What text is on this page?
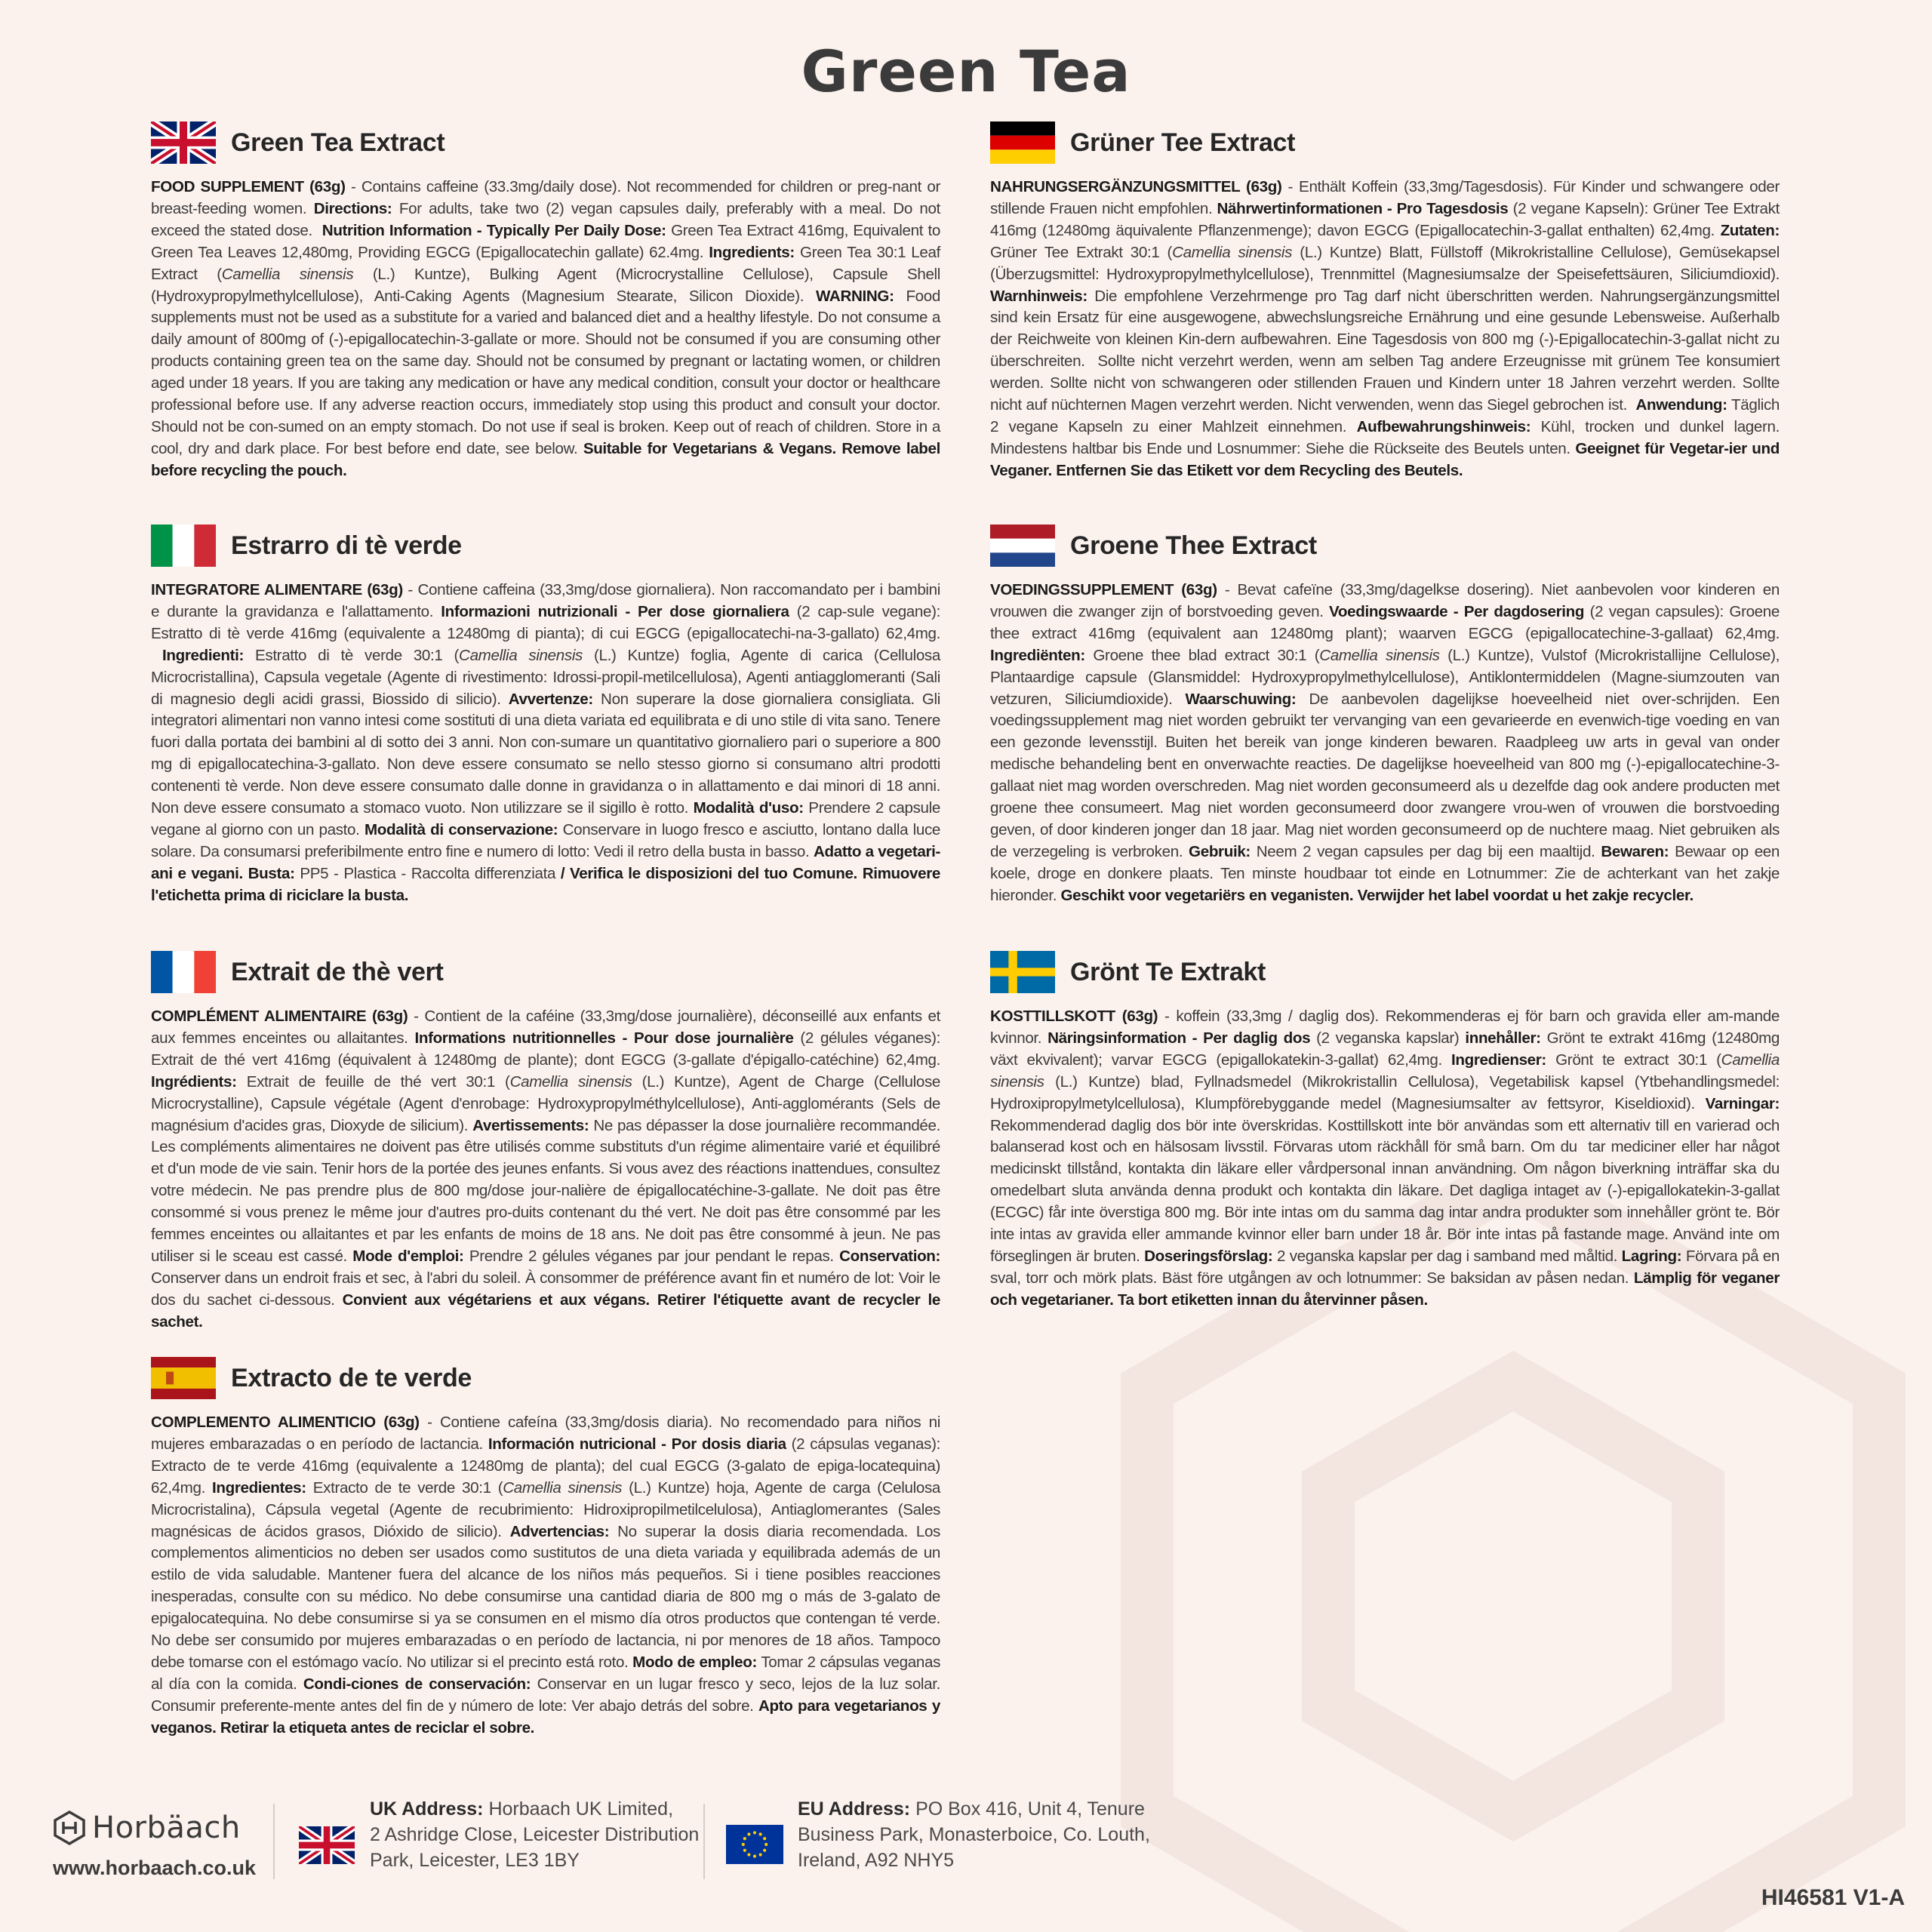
Green Tea
Green Tea Extract

FOOD SUPPLEMENT (63g) - Contains caffeine (33.3mg/daily dose). Not recommended for children or preg-nant or breast-feeding women. Directions: For adults, take two (2) vegan capsules daily, preferably with a meal. Do not exceed the stated dose.  Nutrition Information - Typically Per Daily Dose: Green Tea Extract 416mg, Equivalent to Green Tea Leaves 12,480mg, Providing EGCG (Epigallocatechin gallate) 62.4mg. Ingredients: Green Tea 30:1 Leaf Extract (Camellia sinensis (L.) Kuntze), Bulking Agent (Microcrystalline Cellulose), Capsule Shell (Hydroxypropylmethylcellulose), Anti-Caking Agents (Magnesium Stearate, Silicon Dioxide). WARNING: Food supplements must not be used as a substitute for a varied and balanced diet and a healthy lifestyle. Do not consume a daily amount of 800mg of (-)-epigallocatechin-3-gallate or more. Should not be consumed if you are consuming other products containing green tea on the same day. Should not be consumed by pregnant or lactating women, or children aged under 18 years. If you are taking any medication or have any medical condition, consult your doctor or healthcare professional before use. If any adverse reaction occurs, immediately stop using this product and consult your doctor. Should not be con-sumed on an empty stomach. Do not use if seal is broken. Keep out of reach of children. Store in a cool, dry and dark place. For best before end date, see below. Suitable for Vegetarians & Vegans. Remove label before recycling the pouch.

Grüner Tee Extract

NAHRUNGSERGÄNZUNGSMITTEL (63g) - Enthält Koffein (33,3mg/Tagesdosis). Für Kinder und schwangere oder stillende Frauen nicht empfohlen. Nährwertinformationen - Pro Tagesdosis (2 vegane Kapseln): Grüner Tee Extrakt 416mg (12480mg äquivalente Pflanzenmenge); davon EGCG (Epigallocatechin-3-gallat enthalten) 62,4mg. Zutaten: Grüner Tee Extrakt 30:1 (Camellia sinensis (L.) Kuntze) Blatt, Füllstoff (Mikrokristalline Cellulose), Gemüsekapsel (Überzugsmittel: Hydroxypropylmethylcellulose), Trennmittel (Magnesiumsalze der Speisefettsäuren, Siliciumdioxid). Warnhinweis: Die empfohlene Verzehrmenge pro Tag darf nicht überschritten werden. Nahrungsergänzungsmittel sind kein Ersatz für eine ausgewogene, abwechslungsreiche Ernährung und eine gesunde Lebensweise. Außerhalb der Reichweite von kleinen Kin-dern aufbewahren. Eine Tagesdosis von 800 mg (-)-Epigallocatechin-3-gallat nicht zu überschreiten.  Sollte nicht verzehrt werden, wenn am selben Tag andere Erzeugnisse mit grünem Tee konsumiert werden. Sollte nicht von schwangeren oder stillenden Frauen und Kindern unter 18 Jahren verzehrt werden. Sollte nicht auf nüchternen Magen verzehrt werden. Nicht verwenden, wenn das Siegel gebrochen ist.  Anwendung: Täglich 2 vegane Kapseln zu einer Mahlzeit einnehmen. Aufbewahrungshinweis: Kühl, trocken und dunkel lagern. Mindestens haltbar bis Ende und Losnummer: Siehe die Rückseite des Beutels unten. Geeignet für Vegetar-ier und Veganer. Entfernen Sie das Etikett vor dem Recycling des Beutels.

Estrarro di tè verde

INTEGRATORE ALIMENTARE (63g) - Contiene caffeina (33,3mg/dose giornaliera). Non raccomandato per i bambini e durante la gravidanza e l'allattamento. Informazioni nutrizionali - Per dose giornaliera (2 cap-sule vegane): Estratto di tè verde 416mg (equivalente a 12480mg di pianta); di cui EGCG (epigallocatechi-na-3-gallato) 62,4mg.  Ingredienti: Estratto di tè verde 30:1 (Camellia sinensis (L.) Kuntze) foglia, Agente di carica (Cellulosa Microcristallina), Capsula vegetale (Agente di rivestimento: Idrossi-propil-metilcellulosa), Agenti antiagglomeranti (Sali di magnesio degli acidi grassi, Biossido di silicio). Avvertenze: Non superare la dose giornaliera consigliata. Gli integratori alimentari non vanno intesi come sostituti di una dieta variata ed equilibrata e di uno stile di vita sano. Tenere fuori dalla portata dei bambini al di sotto dei 3 anni. Non con-sumare un quantitativo giornaliero pari o superiore a 800 mg di epigallocatechina-3-gallato. Non deve essere consumato se nello stesso giorno si consumano altri prodotti contenenti tè verde. Non deve essere consumato dalle donne in gravidanza o in allattamento e dai minori di 18 anni. Non deve essere consumato a stomaco vuoto. Non utilizzare se il sigillo è rotto. Modalità d'uso: Prendere 2 capsule vegane al giorno con un pasto. Modalità di conservazione: Conservare in luogo fresco e asciutto, lontano dalla luce solare. Da consumarsi preferibilmente entro fine e numero di lotto: Vedi il retro della busta in basso. Adatto a vegetari-ani e vegani. Busta: PP5 - Plastica - Raccolta differenziata / Verifica le disposizioni del tuo Comune. Rimuovere l'etichetta prima di riciclare la busta.

Groene Thee Extract

VOEDINGSSUPPLEMENT (63g) - Bevat cafeïne (33,3mg/dagelkse dosering). Niet aanbevolen voor kinderen en vrouwen die zwanger zijn of borstvoeding geven. Voedingswaarde - Per dagdosering (2 vegan capsules): Groene thee extract 416mg (equivalent aan 12480mg plant); waarven EGCG (epigallocatechine-3-gallaat) 62,4mg. Ingrediënten: Groene thee blad extract 30:1 (Camellia sinensis (L.) Kuntze), Vulstof (Microkristallijne Cellulose), Plantaardige capsule (Glansmiddel: Hydroxypropylmethylcellulose), Antiklontermiddelen (Magne-siumzouten van vetzuren, Siliciumdioxide). Waarschuwing: De aanbevolen dagelijkse hoeveelheid niet over-schrijden. Een voedingssupplement mag niet worden gebruikt ter vervanging van een gevarieerde en evenwich-tige voeding en van een gezonde levensstijl. Buiten het bereik van jonge kinderen bewaren. Raadpleeg uw arts in geval van onder medische behandeling bent en onverwachte reacties. De dagelijkse hoeveelheid van 800 mg (-)-epigallocatechine-3-gallaat niet mag worden overschreden. Mag niet worden geconsumeerd als u dezelfde dag ook andere producten met groene thee consumeert. Mag niet worden geconsumeerd door zwangere vrou-wen of vrouwen die borstvoeding geven, of door kinderen jonger dan 18 jaar. Mag niet worden geconsumeerd op de nuchtere maag. Niet gebruiken als de verzegeling is verbroken. Gebruik: Neem 2 vegan capsules per dag bij een maaltijd. Bewaren: Bewaar op een koele, droge en donkere plaats. Ten minste houdbaar tot einde en Lotnummer: Zie de achterkant van het zakje hieronder. Geschikt voor vegetariërs en veganisten. Verwijder het label voordat u het zakje recycler.

Extrait de thè vert

COMPLÉMENT ALIMENTAIRE (63g) - Contient de la caféine (33,3mg/dose journalière), déconseillé aux enfants et aux femmes enceintes ou allaitantes. Informations nutritionnelles - Pour dose journalière (2 gélules véganes): Extrait de thé vert 416mg (équivalent à 12480mg de plante); dont EGCG (3-gallate d'épigallo-catéchine) 62,4mg. Ingrédients: Extrait de feuille de thé vert 30:1 (Camellia sinensis (L.) Kuntze), Agent de Charge (Cellulose Microcrystalline), Capsule végétale (Agent d'enrobage: Hydroxypropylméthylcellulose), Anti-agglomérants (Sels de magnésium d'acides gras, Dioxyde de silicium). Avertissements: Ne pas dépasser la dose journalière recommandée. Les compléments alimentaires ne doivent pas être utilisés comme substituts d'un régime alimentaire varié et équilibré et d'un mode de vie sain. Tenir hors de la portée des jeunes enfants. Si vous avez des réactions inattendues, consultez votre médecin. Ne pas prendre plus de 800 mg/dose jour-nalière de épigallocatéchine-3-gallate. Ne doit pas être consommé si vous prenez le même jour d'autres pro-duits contenant du thé vert. Ne doit pas être consommé par les femmes enceintes ou allaitantes et par les enfants de moins de 18 ans. Ne doit pas être consommé à jeun. Ne pas utiliser si le sceau est cassé. Mode d'emploi: Prendre 2 gélules véganes par jour pendant le repas. Conservation: Conserver dans un endroit frais et sec, à l'abri du soleil. À consommer de préférence avant fin et numéro de lot: Voir le dos du sachet ci-dessous. Convient aux végétariens et aux végans. Retirer l'étiquette avant de recycler le sachet.

Grönt Te Extrakt

KOSTTILLSKOTT (63g) - koffein (33,3mg / daglig dos). Rekommenderas ej för barn och gravida eller am-mande kvinnor. Näringsinformation - Per daglig dos (2 veganska kapslar) innehåller: Grönt te extrakt 416mg (12480mg växt ekvivalent); varvar EGCG (epigallokatekin-3-gallat) 62,4mg. Ingredienser: Grönt te extract 30:1 (Camellia sinensis (L.) Kuntze) blad, Fyllnadsmedel (Mikrokristallin Cellulosa), Vegetabilisk kapsel (Ytbehandlingsmedel: Hydroxipropylmetylcellulosa), Klumpförebyggande medel (Magnesiumsalter av fettsyror, Kiseldioxid). Varningar: Rekommenderad daglig dos bör inte överskridas. Kosttillskott inte bör användas som ett alternativ till en varierad och balanserad kost och en hälsosam livsstil. Förvaras utom räckhåll för små barn. Om du  tar mediciner eller har något medicinskt tillstånd, kontakta din läkare eller vårdpersonal innan användning. Om någon biverkning inträffar ska du omedelbart sluta använda denna produkt och kontakta din läkare. Det dagliga intaget av (-)-epigallokatekin-3-gallat (ECGC) får inte överstiga 800 mg. Bör inte intas om du samma dag intar andra produkter som innehåller grönt te. Bör inte intas av gravida eller ammande kvinnor eller barn under 18 år. Bör inte intas på fastande mage. Använd inte om förseglingen är bruten. Doseringsförslag: 2 veganska kapslar per dag i samband med måltid. Lagring: Förvara på en sval, torr och mörk plats. Bäst före utgången av och lotnummer: Se baksidan av påsen nedan. Lämplig för veganer och vegetarianer. Ta bort etiketten innan du återvinner påsen.

Extracto de te verde

COMPLEMENTO ALIMENTICIO (63g) - Contiene cafeína (33,3mg/dosis diaria). No recomendado para niños ni mujeres embarazadas o en período de lactancia. Información nutricional - Por dosis diaria (2 cápsulas veganas): Extracto de te verde 416mg (equivalente a 12480mg de planta); del cual EGCG (3-galato de epiga-locatequina) 62,4mg. Ingredientes: Extracto de te verde 30:1 (Camellia sinensis (L.) Kuntze) hoja, Agente de carga (Celulosa Microcristalina), Cápsula vegetal (Agente de recubrimiento: Hidroxipropilmetilcelulosa), Antiaglomerantes (Sales magnésicas de ácidos grasos, Dióxido de silicio). Advertencias: No superar la dosis diaria recomendada. Los complementos alimenticios no deben ser usados como sustitutos de una dieta variada y equilibrada además de un estilo de vida saludable. Mantener fuera del alcance de los niños más pequeños. Si i tiene posibles reacciones inesperadas, consulte con su médico. No debe consumirse una cantidad diaria de 800 mg o más de 3-galato de epigalocatequina. No debe consumirse si ya se consumen en el mismo día otros productos que contengan té verde. No debe ser consumido por mujeres embarazadas o en período de lactancia, ni por menores de 18 años. Tampoco debe tomarse con el estómago vacío. No utilizar si el precinto está roto. Modo de empleo: Tomar 2 cápsulas veganas al día con la comida. Condi-ciones de conservación: Conservar en un lugar fresco y seco, lejos de la luz solar. Consumir preferente-mente antes del fin de y número de lote: Ver abajo detrás del sobre. Apto para vegetarianos y veganos. Retirar la etiqueta antes de reciclar el sobre.

Horbäach
www.horbaach.co.uk
UK Address: Horbaach UK Limited,
2 Ashridge Close, Leicester Distribution
Park, Leicester, LE3 1BY
EU Address: PO Box 416, Unit 4, Tenure
Business Park, Monasterboice, Co. Louth,
Ireland, A92 NHY5
HI46581 V1-A
